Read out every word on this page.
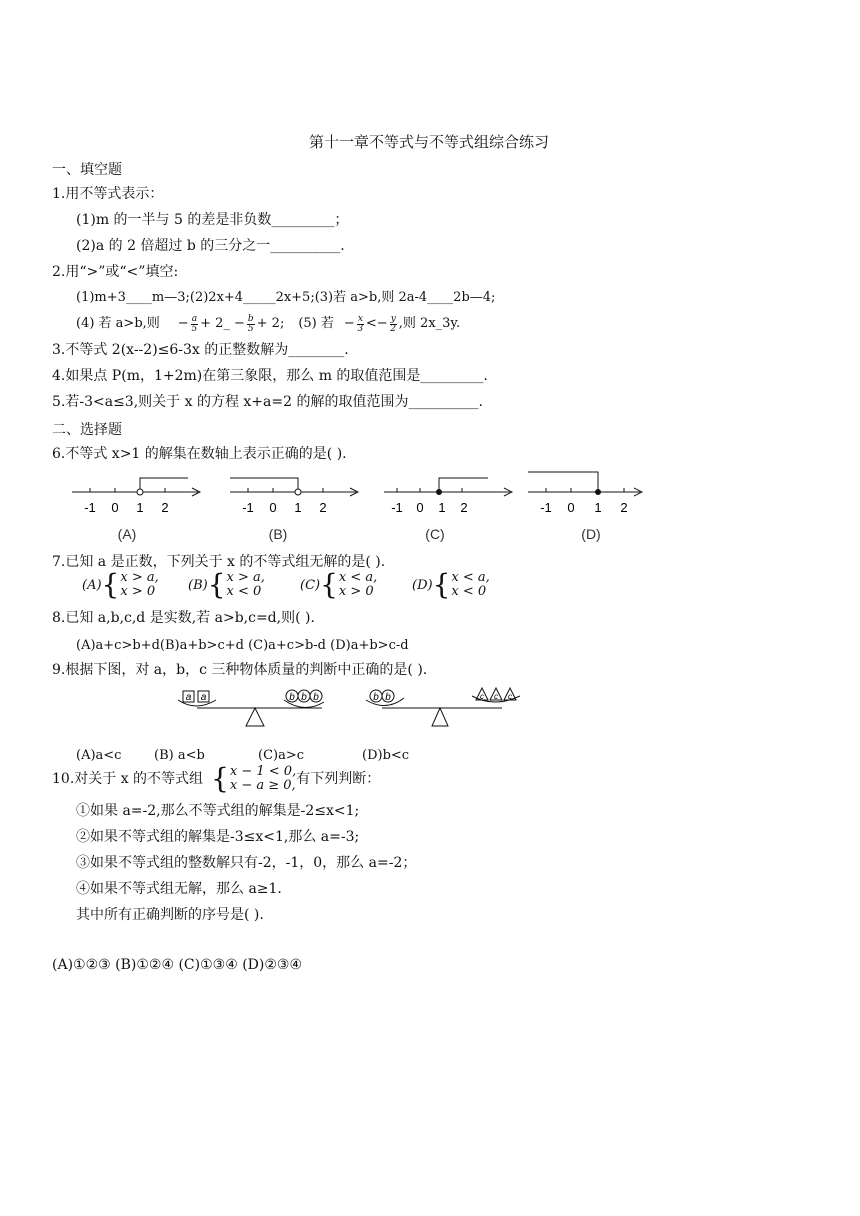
第十一章不等式与不等式组综合练习
一、填空题
1.用不等式表示：
(1)m 的一半与 5 的差是非负数_________；
(2)a 的 2 倍超过 b 的三分之一__________.
2.用“>”或“<”填空:
(1)m+3____m—3;(2)2x+4_____2x+5;(3)若 a>b,则 2a-4____2b—4;
(4) 若 a>b,则 − $\frac{a}{5}$ + 2_ − $\frac{b}{5} + 2$; (5) 若 − $\frac{x}{3} <- \frac{y}{2}$ ,则 2x_3y.
3.不等式 2(x--2)≤6-3x 的正整数解为________.
4.如果点 P(m，1+2m)在第三象限，那么 m 的取值范围是_________.
5.若-3<a≤3,则关于 x 的方程 x+a=2 的解的取值范围为__________.
二、选择题
6.不等式 x>1 的解集在数轴上表示正确的是( ).
-1 0 1 2
(A)
-1 0 1 2
(B)
-1 0 1 2
(C)
-1 0 1 2
(D)
7.已知 a 是正数，下列关于 x 的不等式组无解的是( ).
(A) { x > a,
x > 0	(B) { x > a,
x < 0	(C) { x < a,
x > 0	(D) { x < a,
x < 0
8.已知 a,b,c,d 是实数,若 a>b,c=d,则( ).
(A)a+c>b+d(B)a+b>c+d (C)a+c>b-d (D)a+b>c-d
9.根据下图，对 a，b，c 三种物体质量的判断中正确的是( ).
a a	b b b	b b	c c c
(A)a<c	(B) a<b	(C)a>c	(D)b<c
10.对关于 x 的不等式组 { x − 1 < 0,
x − a ≥ 0, 有下列判断：
①如果 a=-2,那么不等式组的解集是-2≤x<1;
②如果不等式组的解集是-3≤x<1,那么 a=-3;
③如果不等式组的整数解只有-2，-1，0，那么 a=-2；
④如果不等式组无解，那么 a≥1.
其中所有正确判断的序号是( ).
(A)①②③ (B)①②④ (C)①③④ (D)②③④
